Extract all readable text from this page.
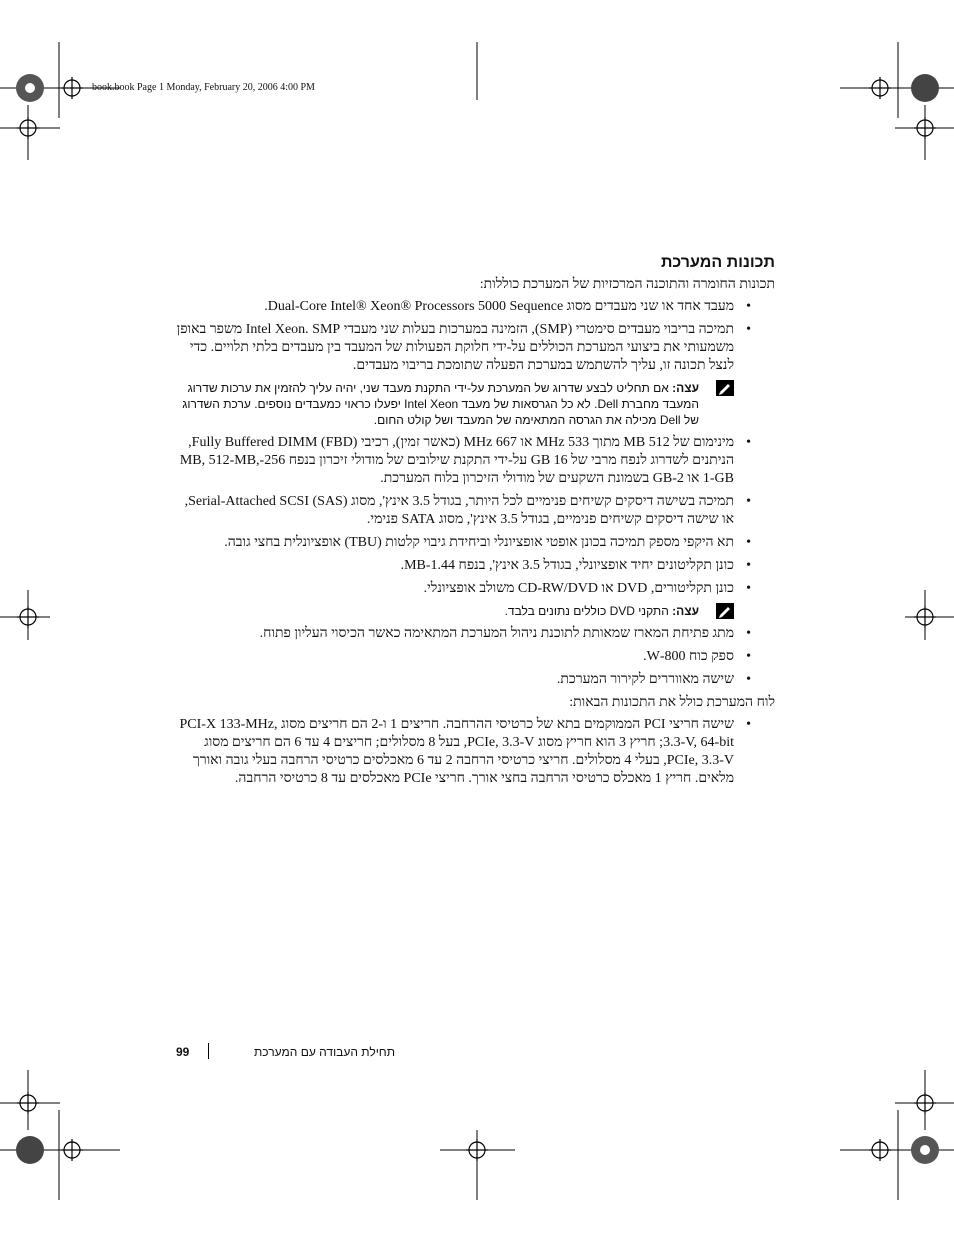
book.book Page 1 Monday, February 20, 2006 4:00 PM
תכונות המערכת

תכונות החומרה והתוכנה המרכזיות של המערכת כוללות:

•
מעבד אחד או שני מעבדים מסוג Dual-Core Intel® Xeon® Processors 5000 Sequence.
•
תמיכה בריבוי מעבדים סימטרי (SMP), הזמינה במערכות בעלות שני מעבדי Intel Xeon. SMP משפר באופן משמעותי את ביצועי המערכת הכוללים על-ידי חלוקת הפעולות של המעבד בין מעבדים בלתי תלויים. כדי לנצל תכונה זו, עליך להשתמש במערכת הפעלה שתומכת בריבוי מעבדים.
עצה: אם תחליט לבצע שדרוג של המערכת על-ידי התקנת מעבד שני, יהיה עליך להזמין את ערכות שדרוג המעבד מחברת Dell. לא כל הגרסאות של מעבד Intel Xeon יפעלו כראוי כמעבדים נוספים. ערכת השדרוג של Dell מכילה את הגרסה המתאימה של המעבד ושל קולט החום.
•
מינימום של 512 MB מתוך 533 MHz או 667 MHz (כאשר זמין), רכיבי Fully Buffered DIMM (FBD), הניתנים לשדרוג לנפח מרבי של 16 GB על-ידי התקנת שילובים של מודולי זיכרון בנפח 256-MB, 512-MB, 1-GB או 2-GB בשמונת השקעים של מודולי הזיכרון בלוח המערכת.
•
תמיכה בשישה דיסקים קשיחים פנימיים לכל היותר, בגודל 3.5 אינץ', מסוג Serial-Attached SCSI (SAS), או שישה דיסקים קשיחים פנימיים, בגודל 3.5 אינץ', מסוג SATA פנימי.
•
תא היקפי מספק תמיכה בכונן אופטי אופציונלי וביחידת גיבוי קלטות (TBU) אופציונלית בחצי גובה.
•
כונן תקליטונים יחיד אופציונלי, בגודל 3.5 אינץ', בנפח 1.44-MB.
•
כונן תקליטורים, DVD או CD-RW/DVD משולב אופציונלי.
עצה: התקני DVD כוללים נתונים בלבד.
•
מתג פתיחת המארז שמאותת לתוכנת ניהול המערכת המתאימה כאשר הכיסוי העליון פתוח.
•
ספק כוח 800-W.
•
שישה מאווררים לקירור המערכת.

לוח המערכת כולל את התכונות הבאות:

•
שישה חריצי PCI הממוקמים בתא של כרטיסי ההרחבה. חריצים 1 ו-2 הם חריצים מסוג PCI-X 133-MHz, 3.3-V, 64-bit; חריץ 3 הוא חריץ מסוג PCIe, 3.3-V, בעל 8 מסלולים; חריצים 4 עד 6 הם חריצים מסוג PCIe, 3.3-V, בעלי 4 מסלולים. חריצי כרטיסי הרחבה 2 עד 6 מאכלסים כרטיסי הרחבה בעלי גובה ואורך מלאים. חריץ 1 מאכלס כרטיסי הרחבה בחצי אורך. חריצי PCIe מאכלסים עד 8 כרטיסי הרחבה.
99	תחילת העבודה עם המערכת
